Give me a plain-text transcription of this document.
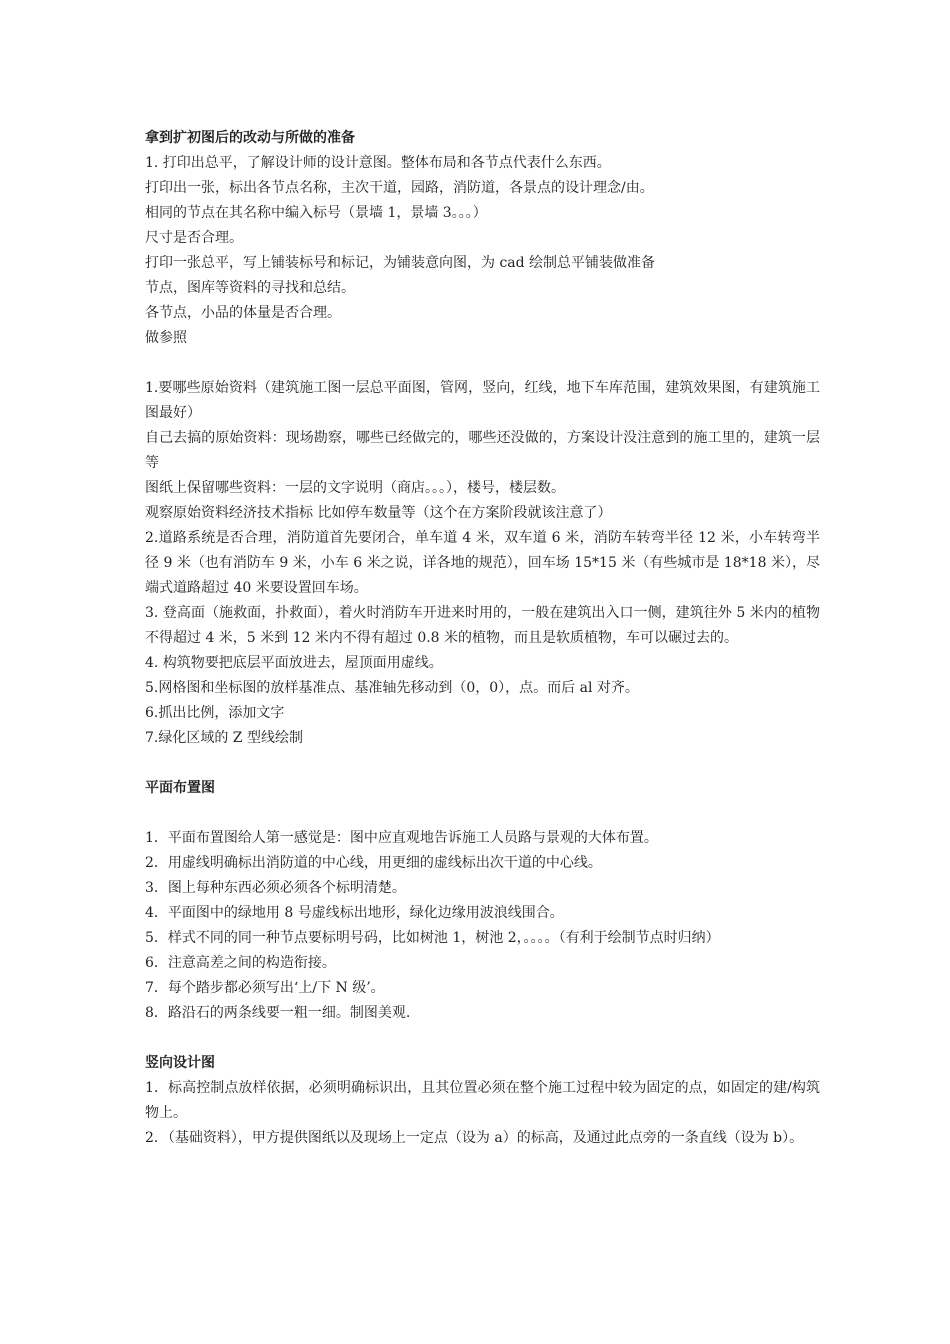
拿到扩初图后的改动与所做的准备
1. 打印出总平，了解设计师的设计意图。整体布局和各节点代表什么东西。
打印出一张，标出各节点名称，主次干道，园路，消防道，各景点的设计理念/由。
相同的节点在其名称中编入标号（景墙 1，景墙 3。。。）
尺寸是否合理。
打印一张总平，写上铺装标号和标记，为铺装意向图，为 cad 绘制总平铺装做准备
节点，图库等资料的寻找和总结。
各节点，小品的体量是否合理。
做参照
1.要哪些原始资料（建筑施工图一层总平面图，管网，竖向，红线，地下车库范围，建筑效果图，有建筑施工图最好）
自己去搞的原始资料：现场勘察，哪些已经做完的，哪些还没做的，方案设计没注意到的施工里的，建筑一层等
图纸上保留哪些资料：一层的文字说明（商店。。。），楼号，楼层数。
观察原始资料经济技术指标 比如停车数量等（这个在方案阶段就该注意了）
2.道路系统是否合理，消防道首先要闭合，单车道 4 米，双车道 6 米，消防车转弯半径 12 米，小车转弯半径 9 米（也有消防车 9 米，小车 6 米之说，详各地的规范），回车场 15*15 米（有些城市是 18*18 米），尽端式道路超过 40 米要设置回车场。
3. 登高面（施救面，扑救面），着火时消防车开进来时用的，一般在建筑出入口一侧，建筑往外 5 米内的植物不得超过 4 米，5 米到 12 米内不得有超过 0.8 米的植物，而且是软质植物，车可以碾过去的。
4. 构筑物要把底层平面放进去，屋顶面用虚线。
5.网格图和坐标图的放样基准点、基准轴先移动到（0，0），点。而后 al 对齐。
6.抓出比例，添加文字
7.绿化区域的 Z 型线绘制
平面布置图
1．平面布置图给人第一感觉是：图中应直观地告诉施工人员路与景观的大体布置。
2．用虚线明确标出消防道的中心线，用更细的虚线标出次干道的中心线。
3．图上每种东西必须必须各个标明清楚。
4．平面图中的绿地用 8 号虚线标出地形，绿化边缘用波浪线围合。
5．样式不同的同一种节点要标明号码，比如树池 1，树池 2，。。。。（有利于绘制节点时归纳）
6．注意高差之间的构造衔接。
7．每个踏步都必须写出‘上/下 N 级’。
8．路沿石的两条线要一粗一细。制图美观.
竖向设计图
1．标高控制点放样依据，必须明确标识出，且其位置必须在整个施工过程中较为固定的点，如固定的建/构筑物上。
2．（基础资料），甲方提供图纸以及现场上一定点（设为 a）的标高，及通过此点旁的一条直线（设为 b）。
